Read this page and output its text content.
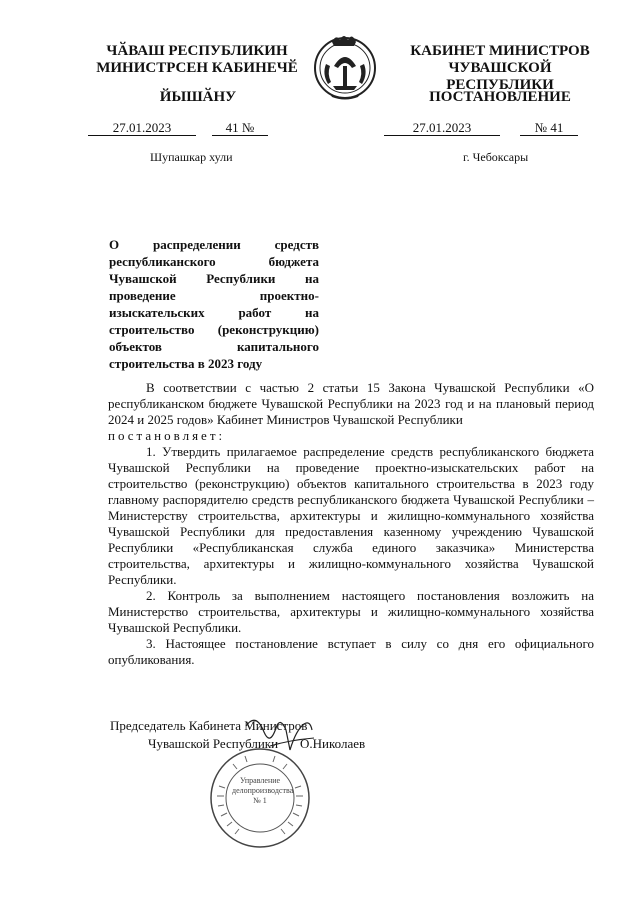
ЧӐВАШ РЕСПУБЛИКИН
МИНИСТРСЕН КАБИНЕЧӖ
ЙЫШӐНУ
КАБИНЕТ МИНИСТРОВ
ЧУВАШСКОЙ РЕСПУБЛИКИ
ПОСТАНОВЛЕНИЕ
27.01.2023	41 №	27.01.2023	№ 41
Шупашкар хули	г. Чебоксары
О распределении средств республиканского бюджета Чувашской Республики на проведение проектно-изыскательских работ на строительство (реконструкцию) объектов капитального строительства в 2023 году

В соответствии с частью 2 статьи 15 Закона Чувашской Республики «О республиканском бюджете Чувашской Республики на 2023 год и на плановый период 2024 и 2025 годов» Кабинет Министров Чувашской Республики

постановляет:

1. Утвердить прилагаемое распределение средств республиканского бюджета Чувашской Республики на проведение проектно-изыскательских работ на строительство (реконструкцию) объектов капитального строительства в 2023 году главному распорядителю средств республиканского бюджета Чувашской Республики – Министерству строительства, архитектуры и жилищно-коммунального хозяйства Чувашской Республики для предоставления казенному учреждению Чувашской Республики «Республиканская служба единого заказчика» Министерства строительства, архитектуры и жилищно-коммунального хозяйства Чувашской Республики.

2. Контроль за выполнением настоящего постановления возложить на Министерство строительства, архитектуры и жилищно-коммунального хозяйства Чувашской Республики.

3. Настоящее постановление вступает в силу со дня его официального опубликования.

Председатель Кабинета Министров
Чувашской Республики О.Николаев
Управление
делопроизводства
№ 1
